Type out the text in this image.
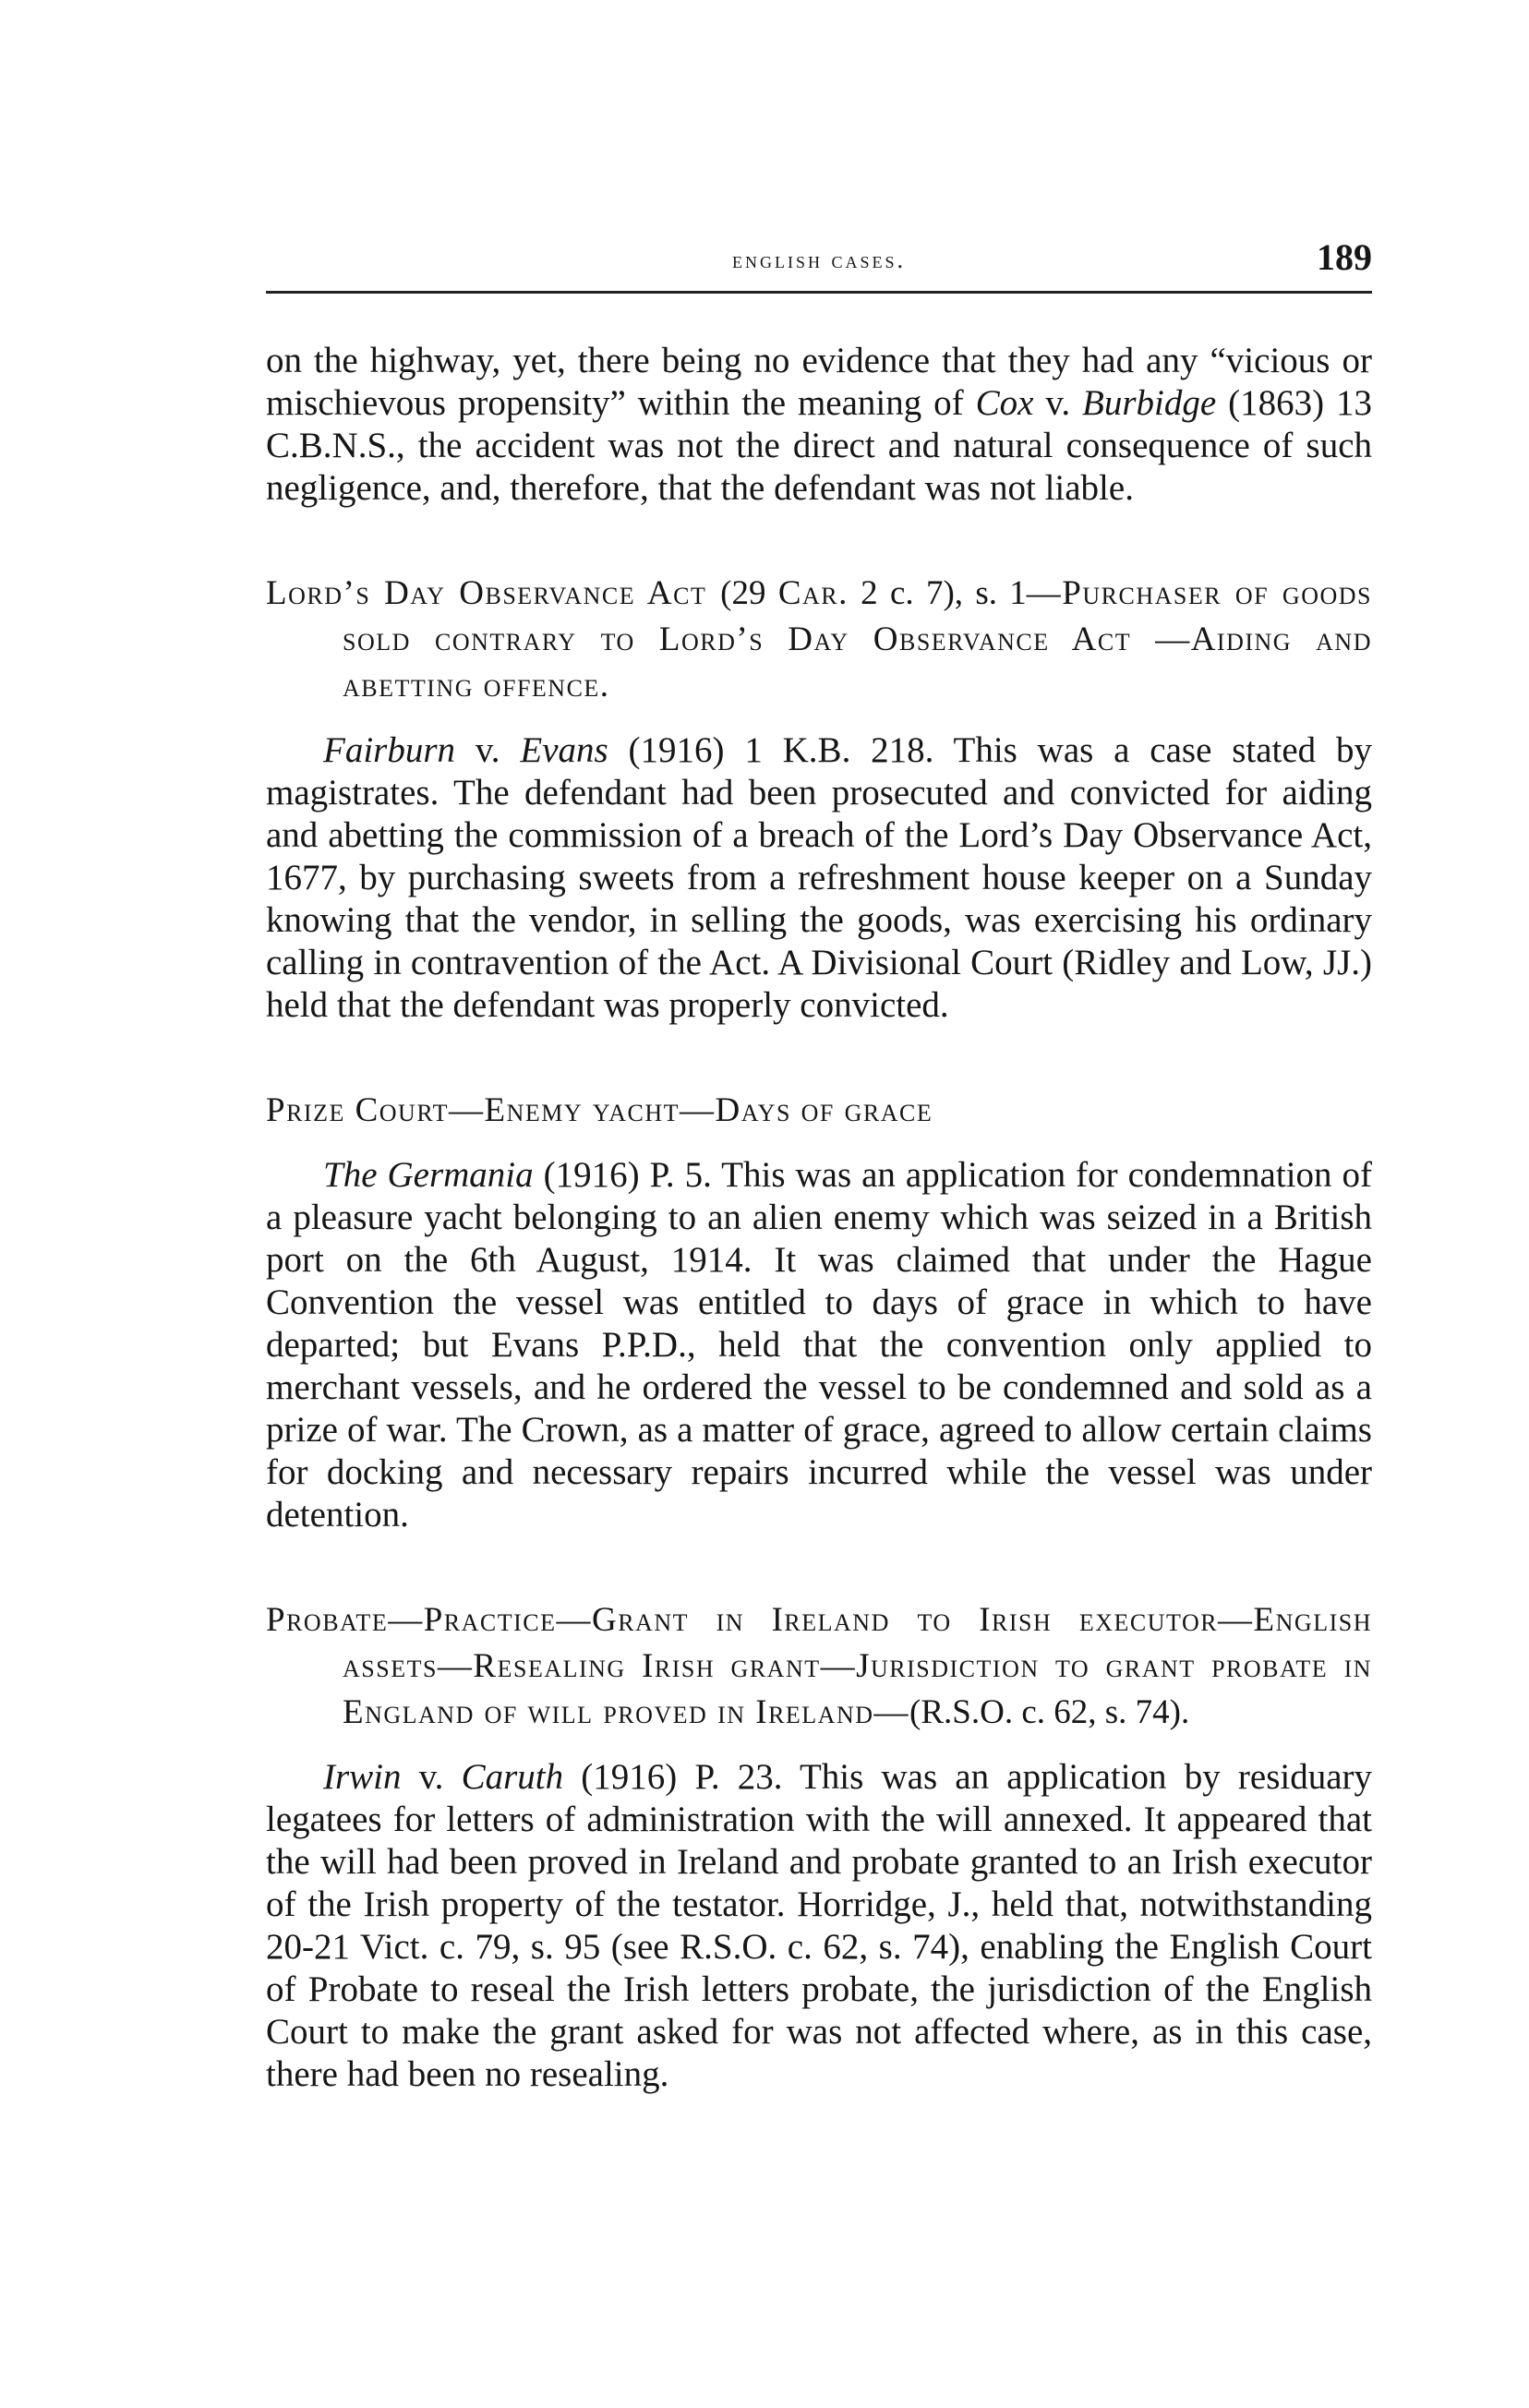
english cases.	189

on the highway, yet, there being no evidence that they had any “vicious or mischievous propensity” within the meaning of Cox v. Burbidge (1863) 13 C.B.N.S., the accident was not the direct and natural consequence of such negligence, and, therefore, that the defendant was not liable.

Lord’s Day Observance Act (29 Car. 2 c. 7), s. 1—Purchaser of goods sold contrary to Lord’s Day Observance Act —Aiding and abetting offence.

Fairburn v. Evans (1916) 1 K.B. 218. This was a case stated by magistrates. The defendant had been prosecuted and convicted for aiding and abetting the commission of a breach of the Lord’s Day Observance Act, 1677, by purchasing sweets from a refreshment house keeper on a Sunday knowing that the vendor, in selling the goods, was exercising his ordinary calling in contravention of the Act. A Divisional Court (Ridley and Low, JJ.) held that the defendant was properly convicted.

Prize Court—Enemy yacht—Days of grace

The Germania (1916) P. 5. This was an application for condemnation of a pleasure yacht belonging to an alien enemy which was seized in a British port on the 6th August, 1914. It was claimed that under the Hague Convention the vessel was entitled to days of grace in which to have departed; but Evans P.P.D., held that the convention only applied to merchant vessels, and he ordered the vessel to be condemned and sold as a prize of war. The Crown, as a matter of grace, agreed to allow certain claims for docking and necessary repairs incurred while the vessel was under detention.

Probate—Practice—Grant in Ireland to Irish executor—English assets—Resealing Irish grant—Jurisdiction to grant probate in England of will proved in Ireland—(R.S.O. c. 62, s. 74).

Irwin v. Caruth (1916) P. 23. This was an application by residuary legatees for letters of administration with the will annexed. It appeared that the will had been proved in Ireland and probate granted to an Irish executor of the Irish property of the testator. Horridge, J., held that, notwithstanding 20-21 Vict. c. 79, s. 95 (see R.S.O. c. 62, s. 74), enabling the English Court of Probate to reseal the Irish letters probate, the jurisdiction of the English Court to make the grant asked for was not affected where, as in this case, there had been no resealing.
